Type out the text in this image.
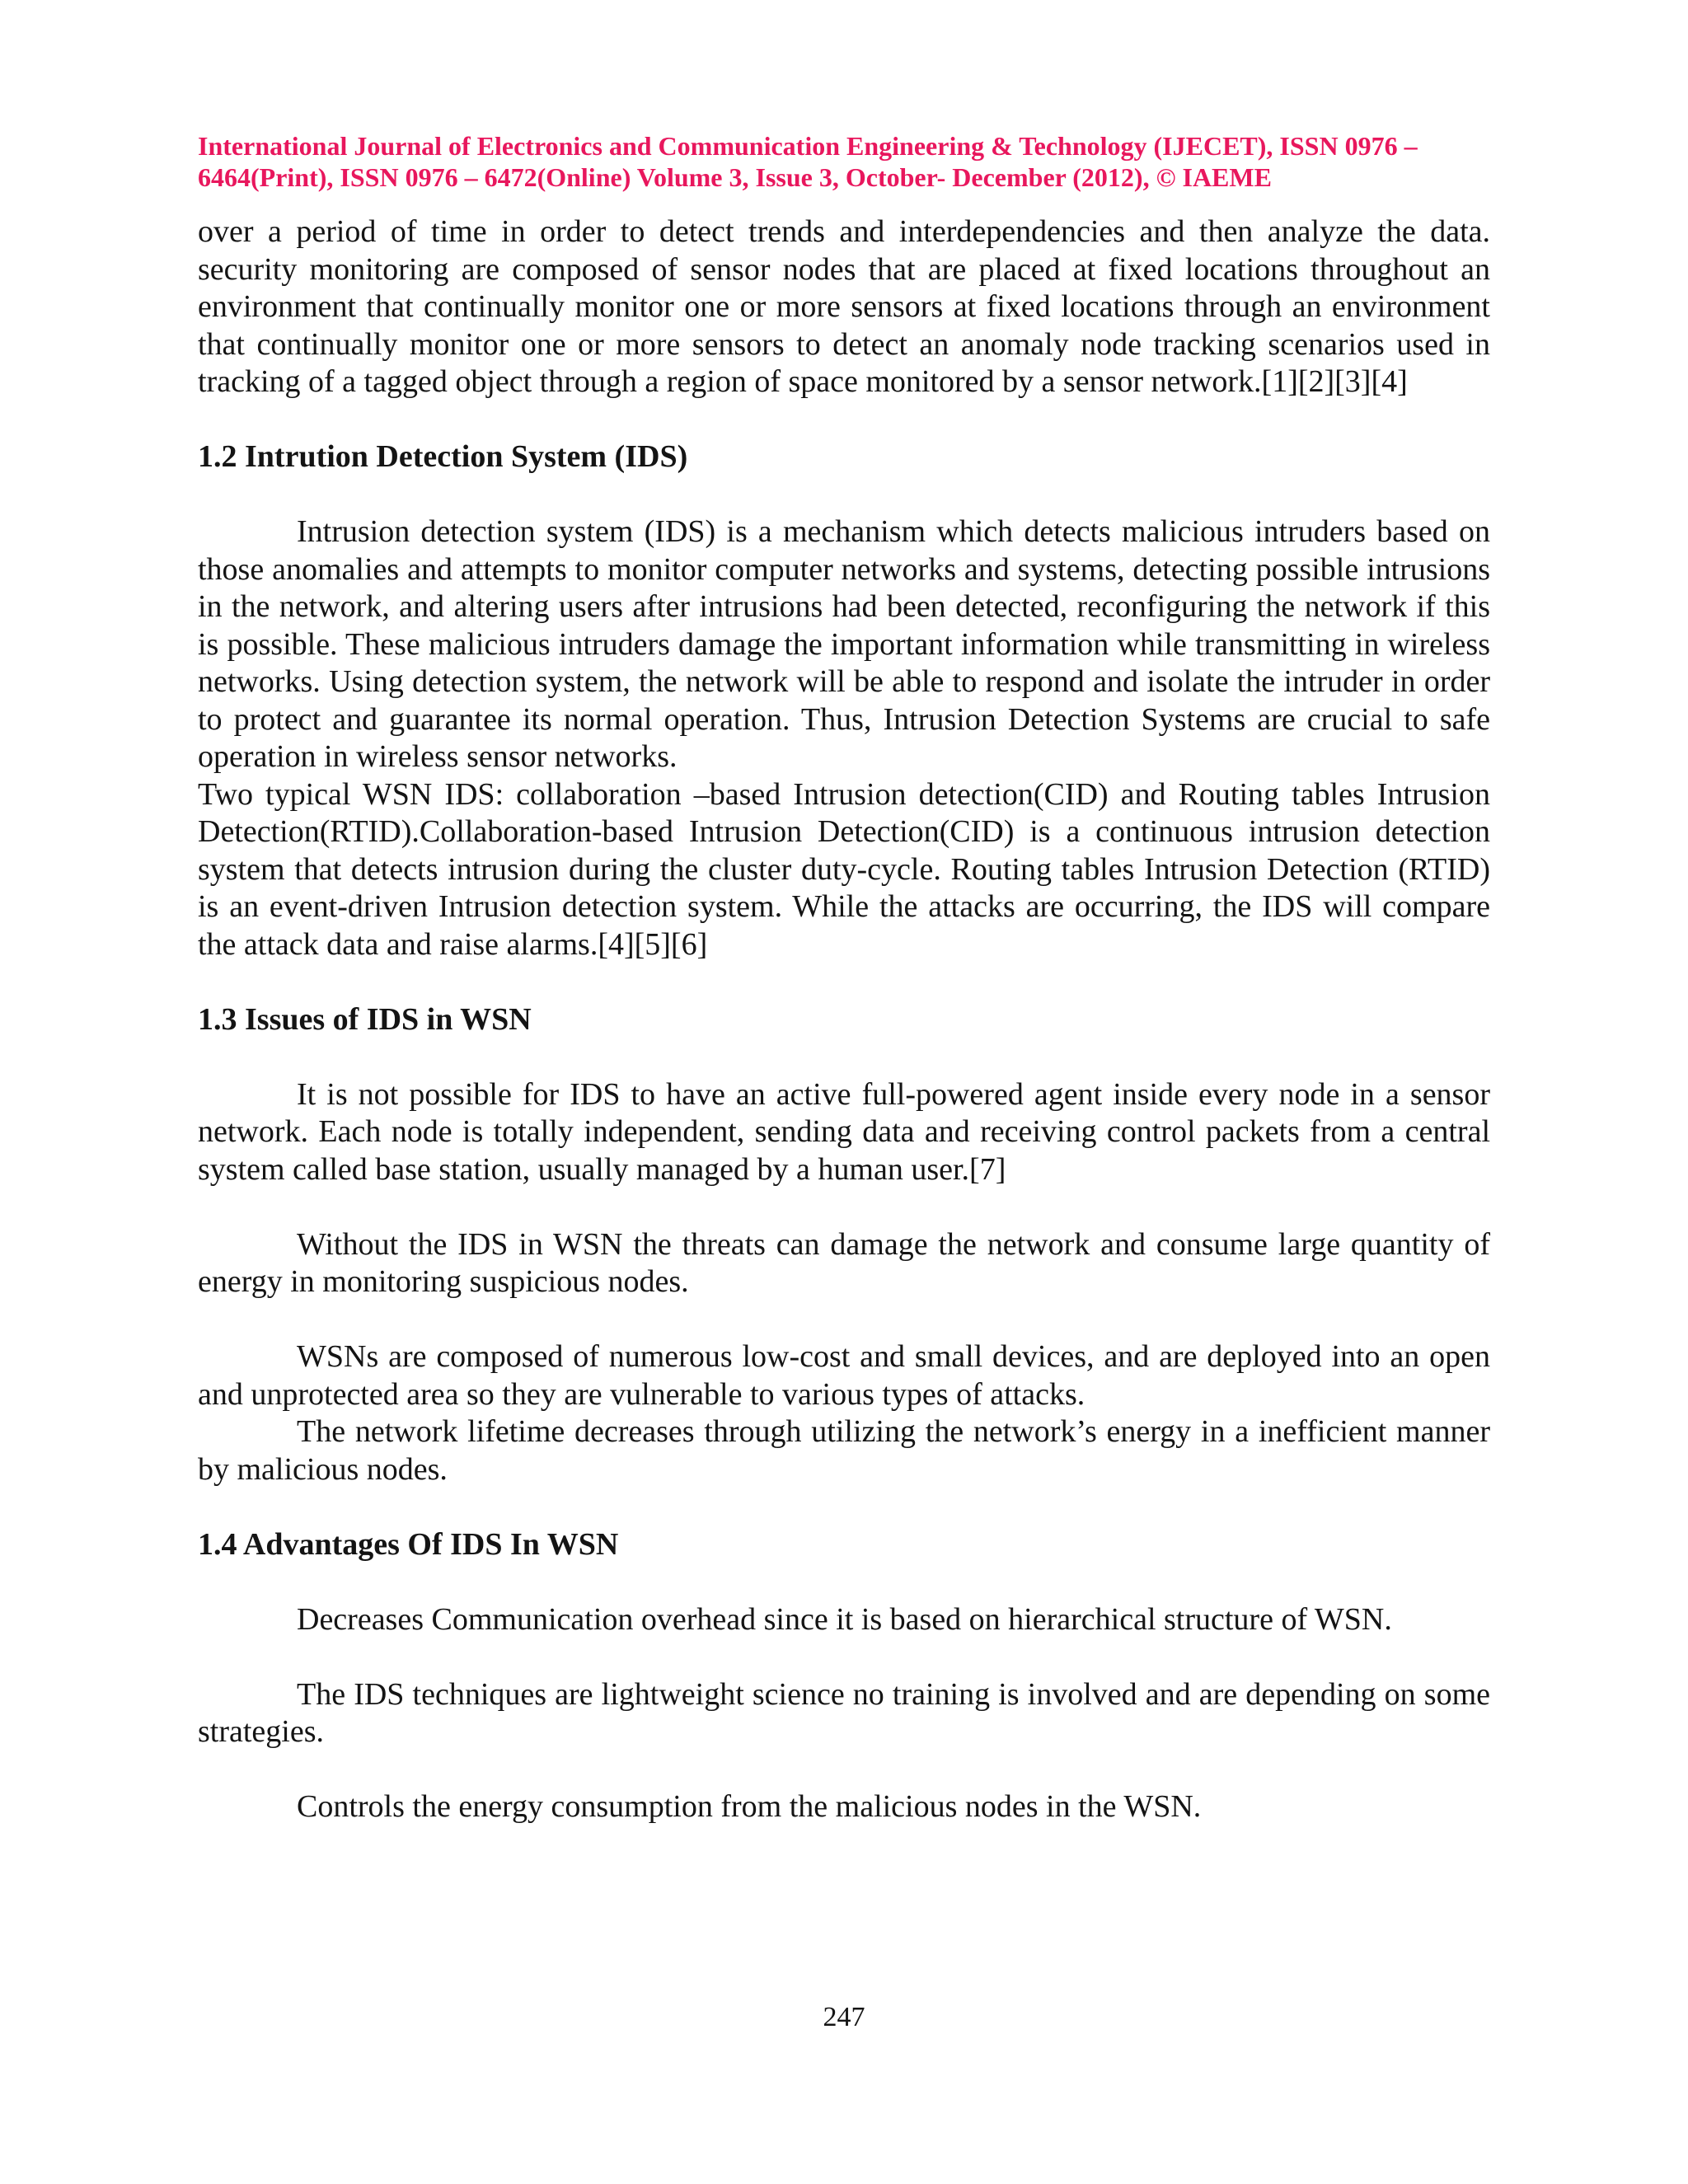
International Journal of Electronics and Communication Engineering & Technology (IJECET), ISSN 0976 – 6464(Print), ISSN 0976 – 6472(Online) Volume 3, Issue 3, October- December (2012), © IAEME

over a period of time in order to detect trends and interdependencies and then analyze the data. security monitoring are composed of sensor nodes that are placed at fixed locations throughout an environment that continually monitor one or more sensors at fixed locations through an environment that continually monitor one or more sensors to detect an anomaly node tracking scenarios used in tracking of a tagged object through a region of space monitored by a sensor network.[1][2][3][4]

1.2 Intrution Detection System (IDS)

Intrusion detection system (IDS) is a mechanism which detects malicious intruders based on those anomalies and attempts to monitor computer networks and systems, detecting possible intrusions in the network, and altering users after intrusions had been detected, reconfiguring the network if this is possible. These malicious intruders damage the important information while transmitting in wireless networks. Using detection system, the network will be able to respond and isolate the intruder in order to protect and guarantee its normal operation. Thus, Intrusion Detection Systems are crucial to safe operation in wireless sensor networks.

Two typical WSN IDS: collaboration –based Intrusion detection(CID) and Routing tables Intrusion Detection(RTID).Collaboration-based Intrusion Detection(CID) is a continuous intrusion detection system that detects intrusion during the cluster duty-cycle. Routing tables Intrusion Detection (RTID) is an event-driven Intrusion detection system. While the attacks are occurring, the IDS will compare the attack data and raise alarms.[4][5][6]

1.3 Issues of IDS in WSN

It is not possible for IDS to have an active full-powered agent inside every node in a sensor network. Each node is totally independent, sending data and receiving control packets from a central system called base station, usually managed by a human user.[7]

Without the IDS in WSN the threats can damage the network and consume large quantity of energy in monitoring suspicious nodes.

WSNs are composed of numerous low-cost and small devices, and are deployed into an open and unprotected area so they are vulnerable to various types of attacks.

The network lifetime decreases through utilizing the network’s energy in a inefficient manner by malicious nodes.

1.4 Advantages Of IDS In WSN

Decreases Communication overhead since it is based on hierarchical structure of WSN.

The IDS techniques are lightweight science no training is involved and are depending on some strategies.

Controls the energy consumption from the malicious nodes in the WSN.

247
